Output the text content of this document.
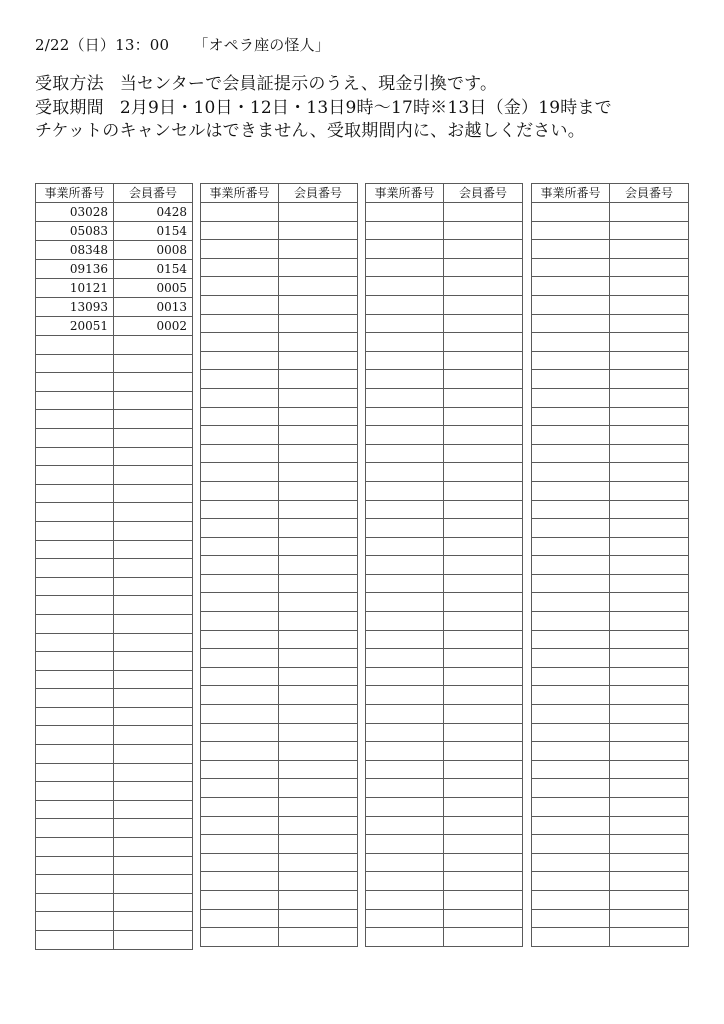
2/22（日）13：00 「オペラ座の怪人」
受取方法 当センターで会員証提示のうえ、現金引換です。
受取期間 2月9日・10日・12日・13日9時～17時※13日（金）19時まで
チケットのキャンセルはできません、受取期間内に、お越しください。
事業所番号	会員番号
03028	0428
05083	0154
08348	0008
09136	0154
10121	0005
13093	0013
20051	0002

事業所番号	会員番号

		事業所番号	会員番号

		事業所番号	会員番号
